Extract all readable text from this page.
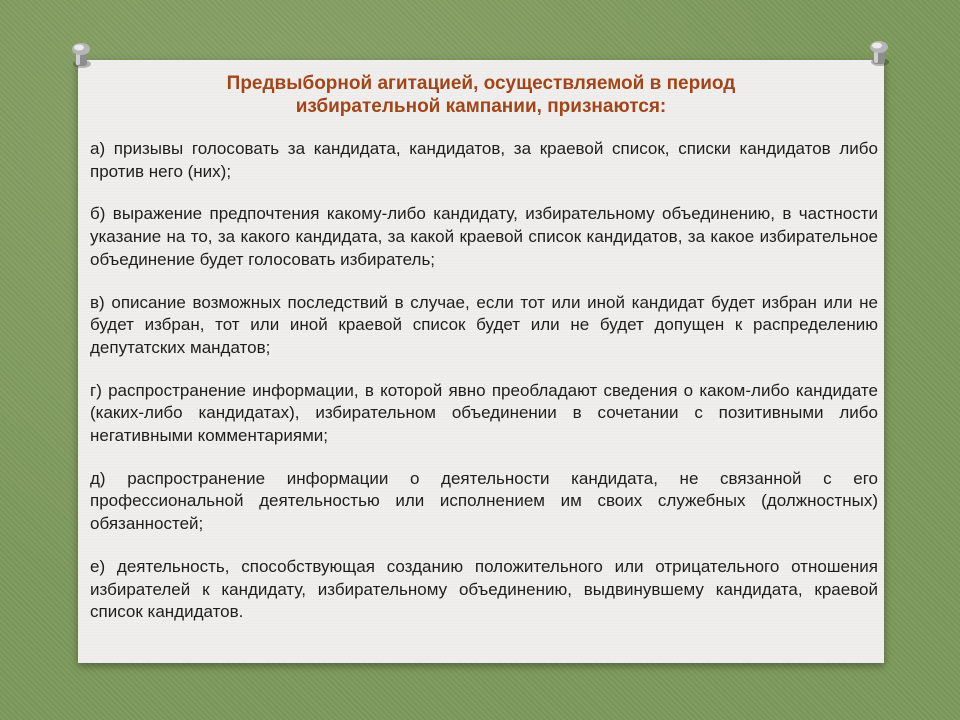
Предвыборной агитацией, осуществляемой в период
избирательной кампании, признаются:

а) призывы голосовать за кандидата, кандидатов, за краевой список, списки кандидатов либо против него (них);

б) выражение предпочтения какому-либо кандидату, избирательному объединению, в частности указание на то, за какого кандидата, за какой краевой список кандидатов, за какое избирательное объединение будет голосовать избиратель;

в) описание возможных последствий в случае, если тот или иной кандидат будет избран или не будет избран, тот или иной краевой список будет или не будет допущен к распределению депутатских мандатов;

г) распространение информации, в которой явно преобладают сведения о каком-либо кандидате (каких-либо кандидатах), избирательном объединении в сочетании с позитивными либо негативными комментариями;

д) распространение информации о деятельности кандидата, не связанной с его профессиональной деятельностью или исполнением им своих служебных (должностных) обязанностей;

е) деятельность, способствующая созданию положительного или отрицательного отношения избирателей к кандидату, избирательному объединению, выдвинувшему кандидата, краевой список кандидатов.
